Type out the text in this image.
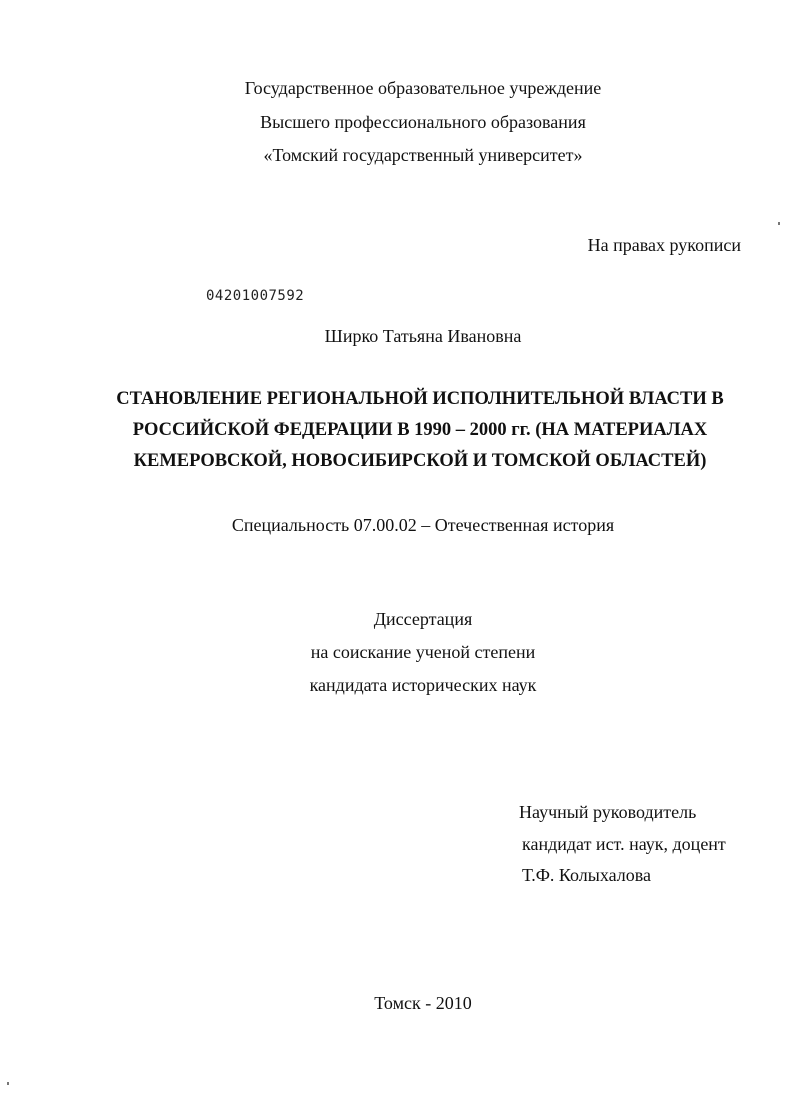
Государственное образовательное учреждение
Высшего профессионального образования
«Томский государственный университет»
На правах рукописи
04201007592
Ширко Татьяна Ивановна
СТАНОВЛЕНИЕ РЕГИОНАЛЬНОЙ ИСПОЛНИТЕЛЬНОЙ ВЛАСТИ В
РОССИЙСКОЙ ФЕДЕРАЦИИ В 1990 – 2000 гг. (НА МАТЕРИАЛАХ
КЕМЕРОВСКОЙ, НОВОСИБИРСКОЙ И ТОМСКОЙ ОБЛАСТЕЙ)
Специальность 07.00.02 – Отечественная история
Диссертация
на соискание ученой степени
кандидата исторических наук
Научный руководитель
кандидат ист. наук, доцент
Т.Ф. Колыхалова
Томск - 2010
